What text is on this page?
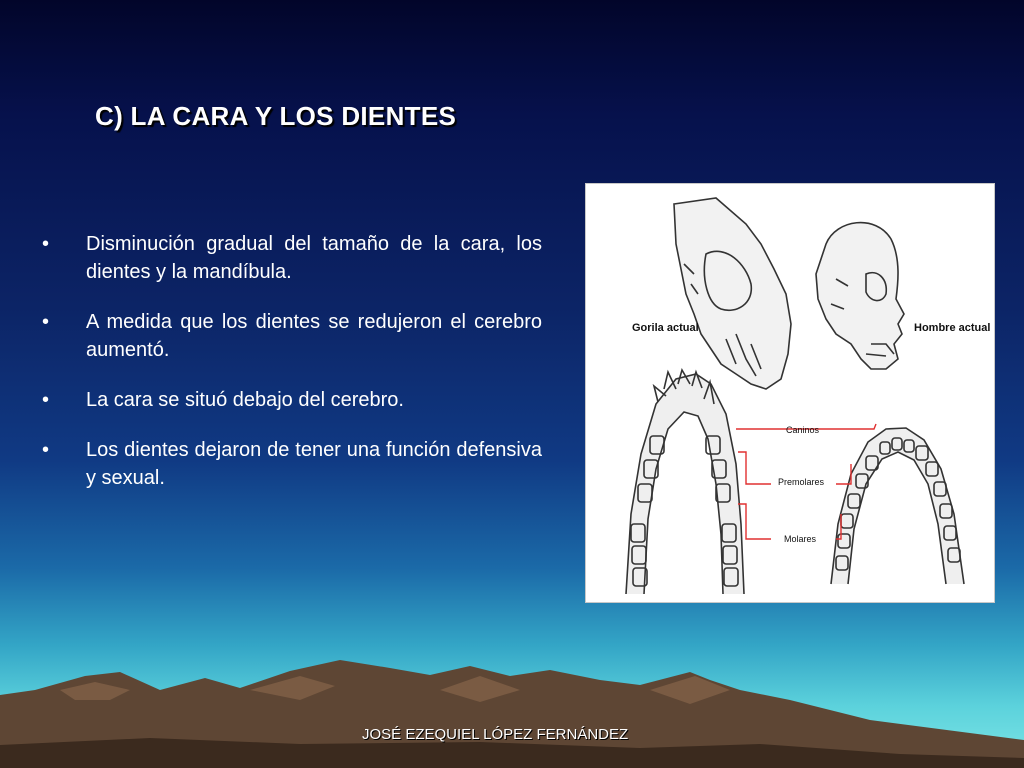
C) LA CARA Y LOS DIENTES
• Disminución gradual del tamaño de la cara, los dientes y la mandíbula.
• A medida que los dientes se redujeron el cerebro aumentó.
• La cara se situó debajo del cerebro.
• Los dientes dejaron de tener una función defensiva y sexual.
Gorila actual	Hombre actual
Caninos
Premolares
Molares
JOSÉ EZEQUIEL LÓPEZ FERNÁNDEZ
